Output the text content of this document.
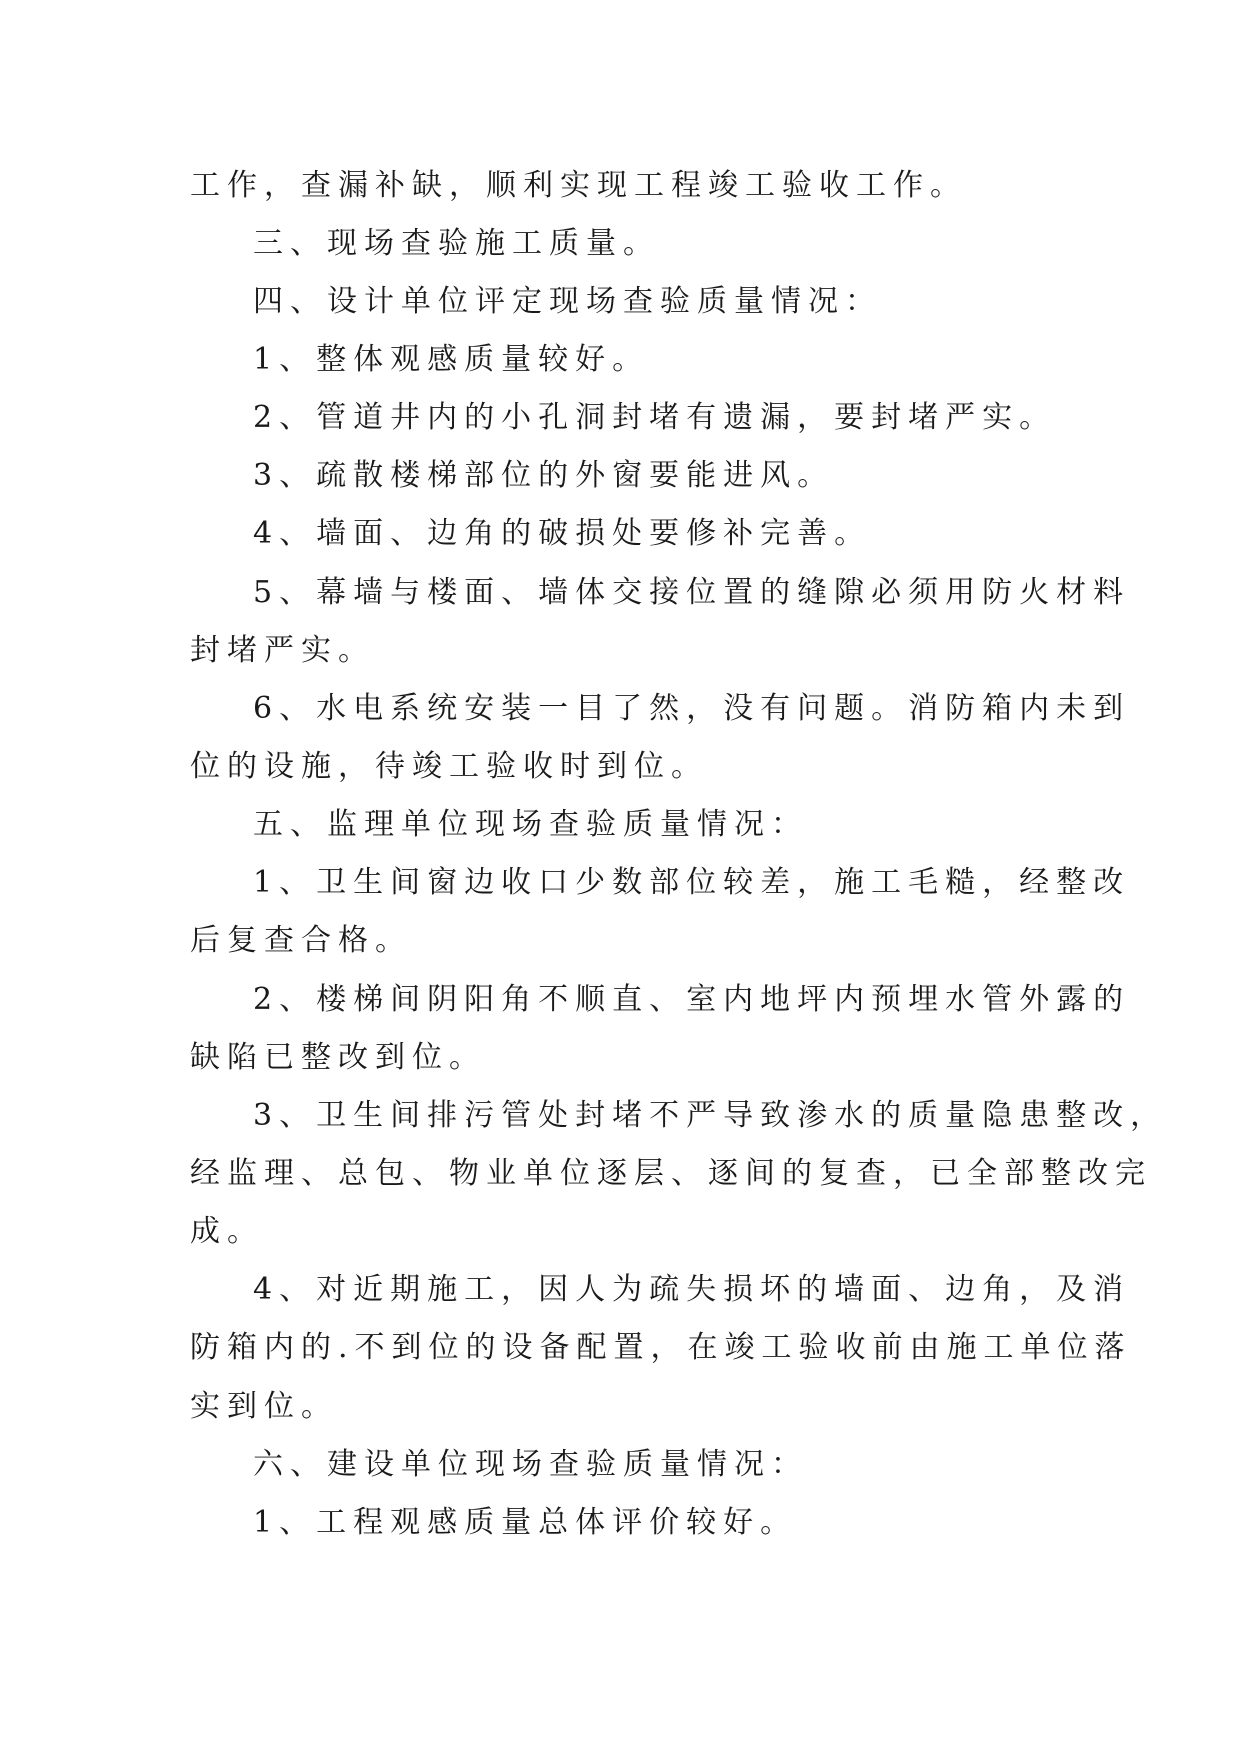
工作，查漏补缺，顺利实现工程竣工验收工作。
三、现场查验施工质量。
四、设计单位评定现场查验质量情况：
1、整体观感质量较好。
2、管道井内的小孔洞封堵有遗漏，要封堵严实。
3、疏散楼梯部位的外窗要能进风。
4、墙面、边角的破损处要修补完善。
5、幕墙与楼面、墙体交接位置的缝隙必须用防火材料
封堵严实。
6、水电系统安装一目了然，没有问题。消防箱内未到
位的设施，待竣工验收时到位。
五、监理单位现场查验质量情况：
1、卫生间窗边收口少数部位较差，施工毛糙，经整改
后复查合格。
2、楼梯间阴阳角不顺直、室内地坪内预埋水管外露的
缺陷已整改到位。
3、卫生间排污管处封堵不严导致渗水的质量隐患整改，
经监理、总包、物业单位逐层、逐间的复查，已全部整改完
成。
4、对近期施工，因人为疏失损坏的墙面、边角，及消
防箱内的.不到位的设备配置，在竣工验收前由施工单位落
实到位。
六、建设单位现场查验质量情况：
1、工程观感质量总体评价较好。
